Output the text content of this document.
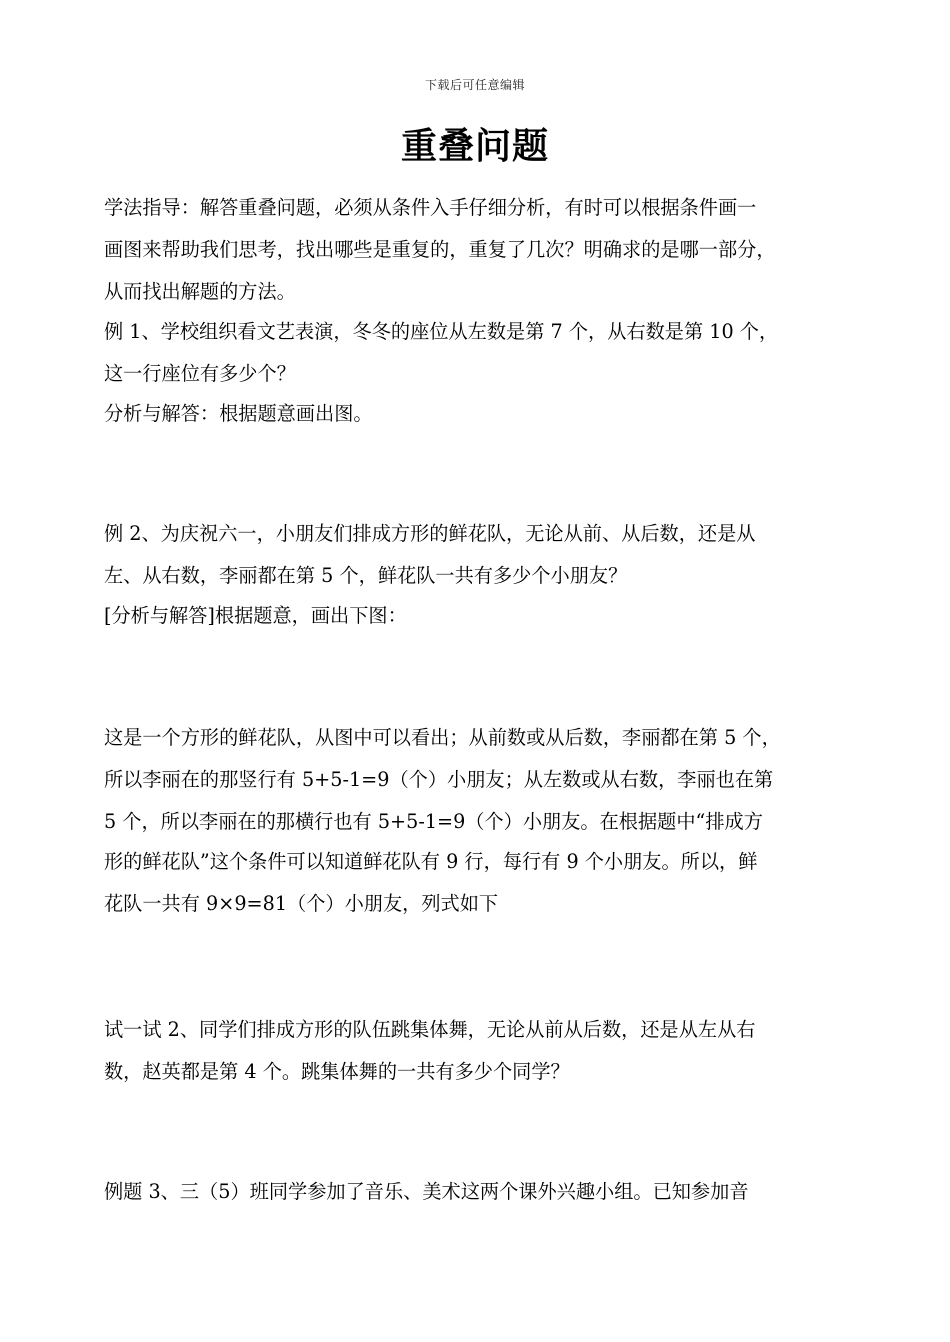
下载后可任意编辑
重叠问题
学法指导：解答重叠问题，必须从条件入手仔细分析，有时可以根据条件画一
画图来帮助我们思考，找出哪些是重复的，重复了几次？明确求的是哪一部分，
从而找出解题的方法。
例 1、学校组织看文艺表演，冬冬的座位从左数是第 7 个，从右数是第 10 个，
这一行座位有多少个？
分析与解答：根据题意画出图。
例 2、为庆祝六一，小朋友们排成方形的鲜花队，无论从前、从后数，还是从
左、从右数，李丽都在第 5 个，鲜花队一共有多少个小朋友？
[分析与解答]根据题意，画出下图：
这是一个方形的鲜花队，从图中可以看出；从前数或从后数，李丽都在第 5 个，
所以李丽在的那竖行有 5+5-1=9（个）小朋友；从左数或从右数，李丽也在第
5 个，所以李丽在的那横行也有 5+5-1=9（个）小朋友。在根据题中“排成方
形的鲜花队”这个条件可以知道鲜花队有 9 行，每行有 9 个小朋友。所以，鲜
花队一共有 9×9=81（个）小朋友，列式如下
试一试 2、同学们排成方形的队伍跳集体舞，无论从前从后数，还是从左从右
数，赵英都是第 4 个。跳集体舞的一共有多少个同学？
例题 3、三（5）班同学参加了音乐、美术这两个课外兴趣小组。已知参加音
